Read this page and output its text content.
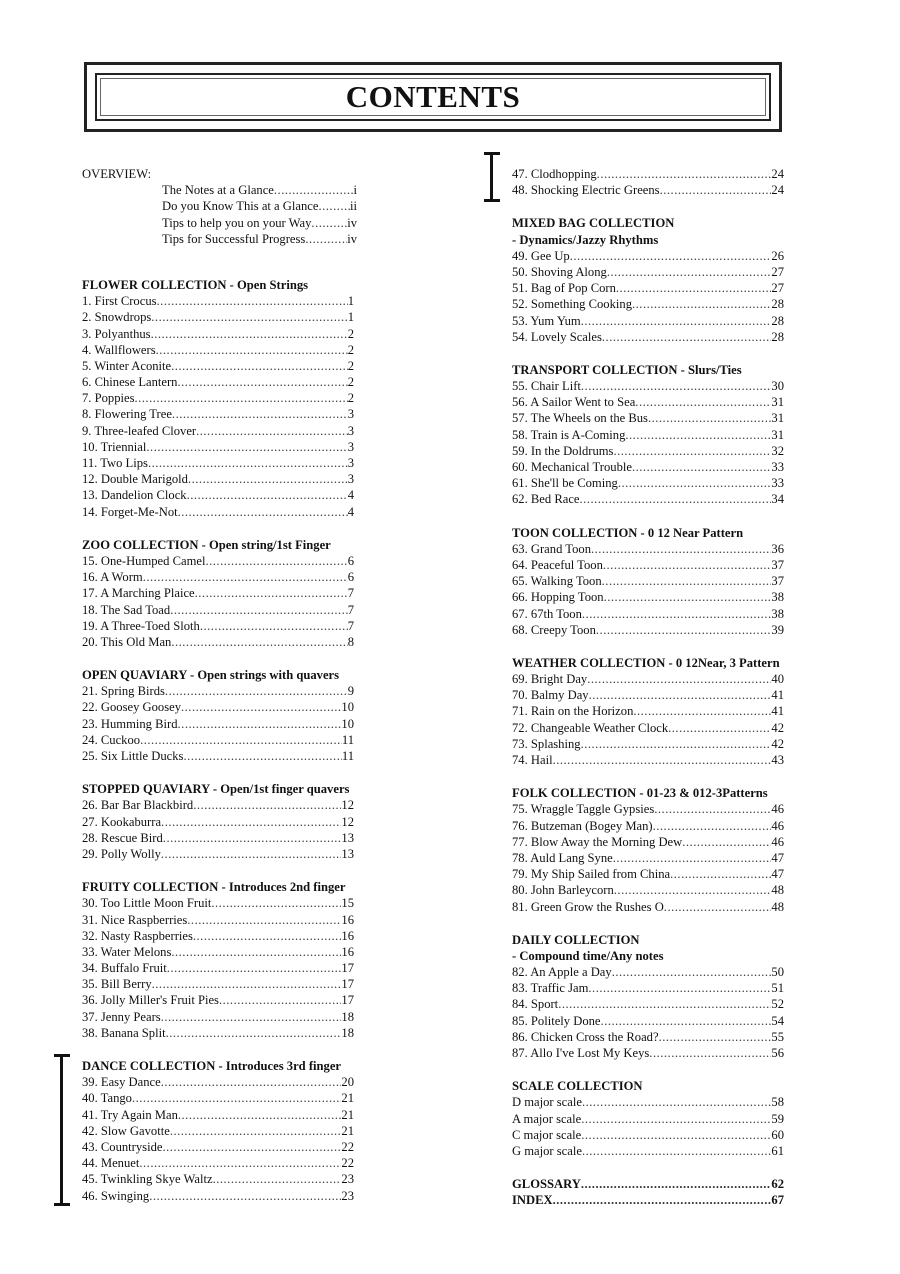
CONTENTS
OVERVIEW:
The Notes at a Glance .....	i
Do you Know This at a Glance .....	ii
Tips to help you on your Way .....	iv
Tips for Successful Progress .....	iv
FLOWER COLLECTION - Open Strings
1. First Crocus .....	1
2. Snowdrops .....	1
3. Polyanthus .....	2
4. Wallflowers .....	2
5. Winter Aconite .....	2
6. Chinese Lantern .....	2
7. Poppies .....	2
8. Flowering Tree .....	3
9. Three-leafed Clover .....	3
10. Triennial .....	3
11. Two Lips .....	3
12. Double Marigold .....	3
13. Dandelion Clock .....	4
14. Forget-Me-Not .....	4
ZOO COLLECTION - Open string/1st Finger
15. One-Humped Camel .....	6
16. A Worm .....	6
17. A Marching Plaice .....	7
18. The Sad Toad .....	7
19. A Three-Toed Sloth .....	7
20. This Old Man .....	8
OPEN QUAVIARY - Open strings with quavers
21. Spring Birds .....	9
22. Goosey Goosey .....	10
23. Humming Bird .....	10
24. Cuckoo .....	11
25. Six Little Ducks .....	11
STOPPED QUAVIARY - Open/1st finger quavers
26. Bar Bar Blackbird .....	12
27. Kookaburra .....	12
28. Rescue Bird .....	13
29. Polly Wolly .....	13
FRUITY COLLECTION - Introduces 2nd finger
30. Too Little Moon Fruit .....	15
31. Nice Raspberries .....	16
32. Nasty Raspberries .....	16
33. Water Melons .....	16
34. Buffalo Fruit .....	17
35. Bill Berry .....	17
36. Jolly Miller's Fruit Pies .....	17
37. Jenny Pears .....	18
38. Banana Split .....	18
DANCE COLLECTION - Introduces 3rd finger
39. Easy Dance .....	20
40. Tango .....	21
41. Try Again Man .....	21
42. Slow Gavotte .....	21
43. Countryside .....	22
44. Menuet .....	22
45. Twinkling Skye Waltz .....	23
46. Swinging .....	23
47. Clodhopping .....	24
48. Shocking Electric Greens .....	24
MIXED BAG COLLECTION
- Dynamics/Jazzy Rhythms
49. Gee Up .....	26
50. Shoving Along .....	27
51. Bag of Pop Corn .....	27
52. Something Cooking .....	28
53. Yum Yum .....	28
54. Lovely Scales .....	28
TRANSPORT COLLECTION - Slurs/Ties
55. Chair Lift .....	30
56. A Sailor Went to Sea .....	31
57. The Wheels on the Bus .....	31
58. Train is A-Coming .....	31
59. In the Doldrums .....	32
60. Mechanical Trouble .....	33
61. She'll be Coming .....	33
62. Bed Race .....	34
TOON COLLECTION - 0 12 Near Pattern
63. Grand Toon .....	36
64. Peaceful Toon .....	37
65. Walking Toon .....	37
66. Hopping Toon .....	38
67. 67th Toon .....	38
68. Creepy Toon .....	39
WEATHER COLLECTION - 0 12Near, 3 Pattern
69. Bright Day .....	40
70. Balmy Day .....	41
71. Rain on the Horizon .....	41
72. Changeable Weather Clock .....	42
73. Splashing .....	42
74. Hail .....	43
FOLK COLLECTION - 01-23 & 012-3Patterns
75. Wraggle Taggle Gypsies .....	46
76. Butzeman (Bogey Man) .....	46
77. Blow Away the Morning Dew .....	46
78. Auld Lang Syne .....	47
79. My Ship Sailed from China .....	47
80. John Barleycorn .....	48
81. Green Grow the Rushes O .....	48
DAILY COLLECTION
- Compound time/Any notes
82. An Apple a Day .....	50
83. Traffic Jam .....	51
84. Sport .....	52
85. Politely Done .....	54
86. Chicken Cross the Road? .....	55
87. Allo I've Lost My Keys .....	56
SCALE COLLECTION
D major scale .....	58
A major scale .....	59
C major scale .....	60
G major scale .....	61
GLOSSARY .....	62
INDEX .....	67
